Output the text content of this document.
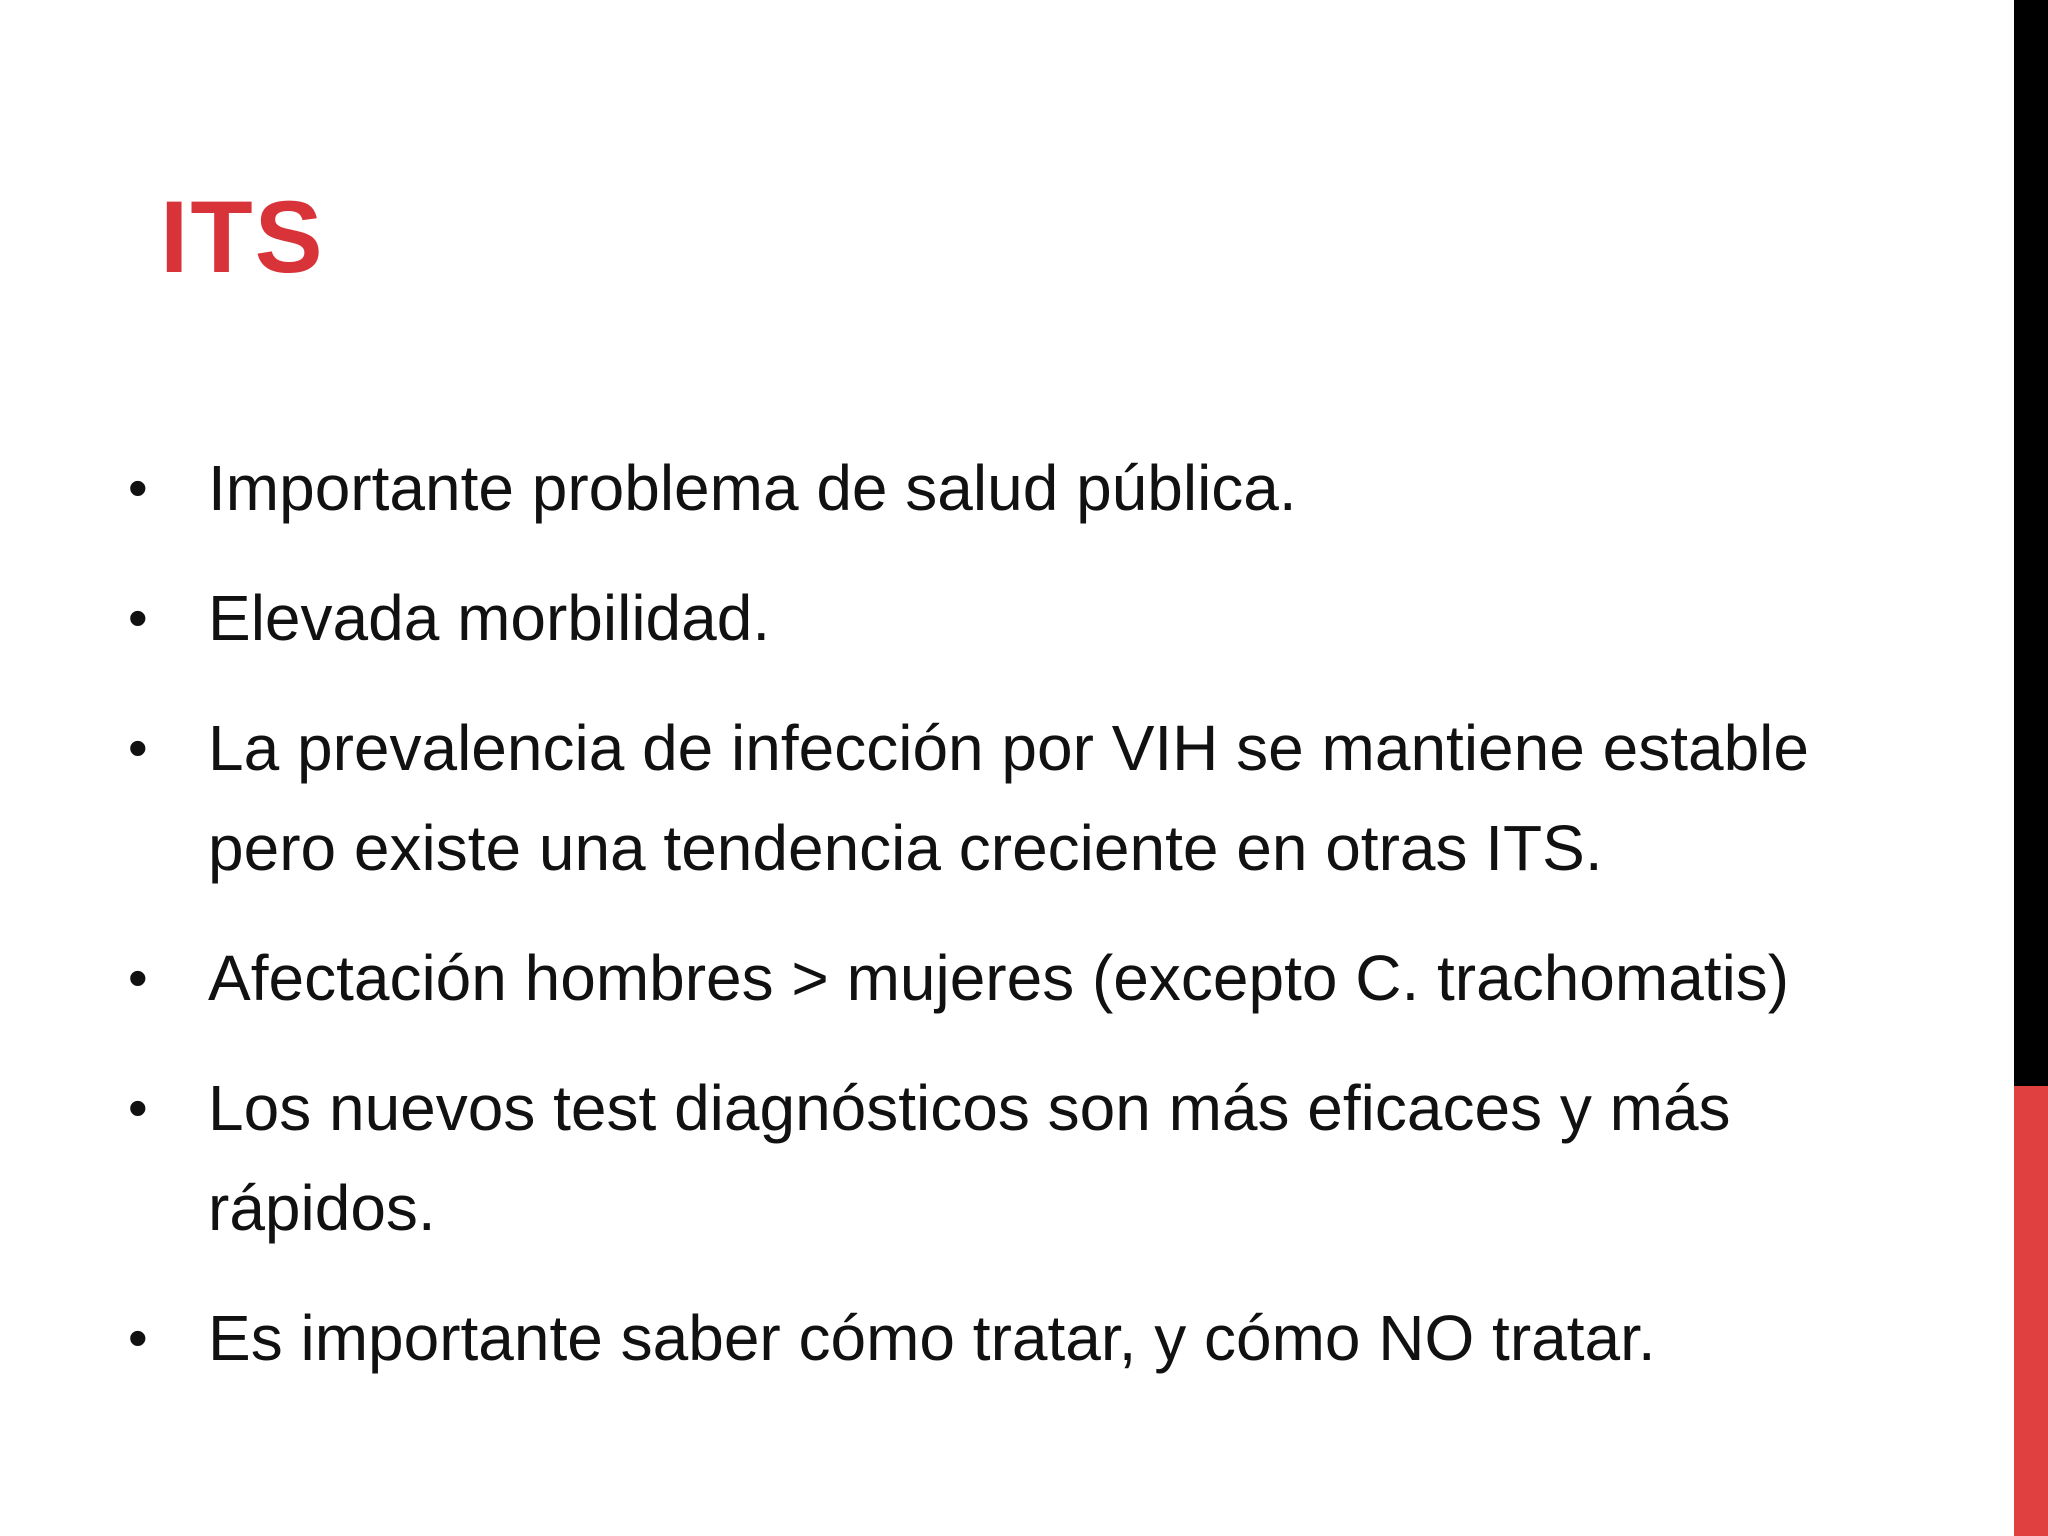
ITS
• Importante problema de salud pública.
• Elevada morbilidad.
• La prevalencia de infección por VIH se mantiene estable pero existe una tendencia creciente en otras ITS.
• Afectación hombres > mujeres (excepto C. trachomatis)
• Los nuevos test diagnósticos son más eficaces y más rápidos.
• Es importante saber cómo tratar, y cómo NO tratar.
